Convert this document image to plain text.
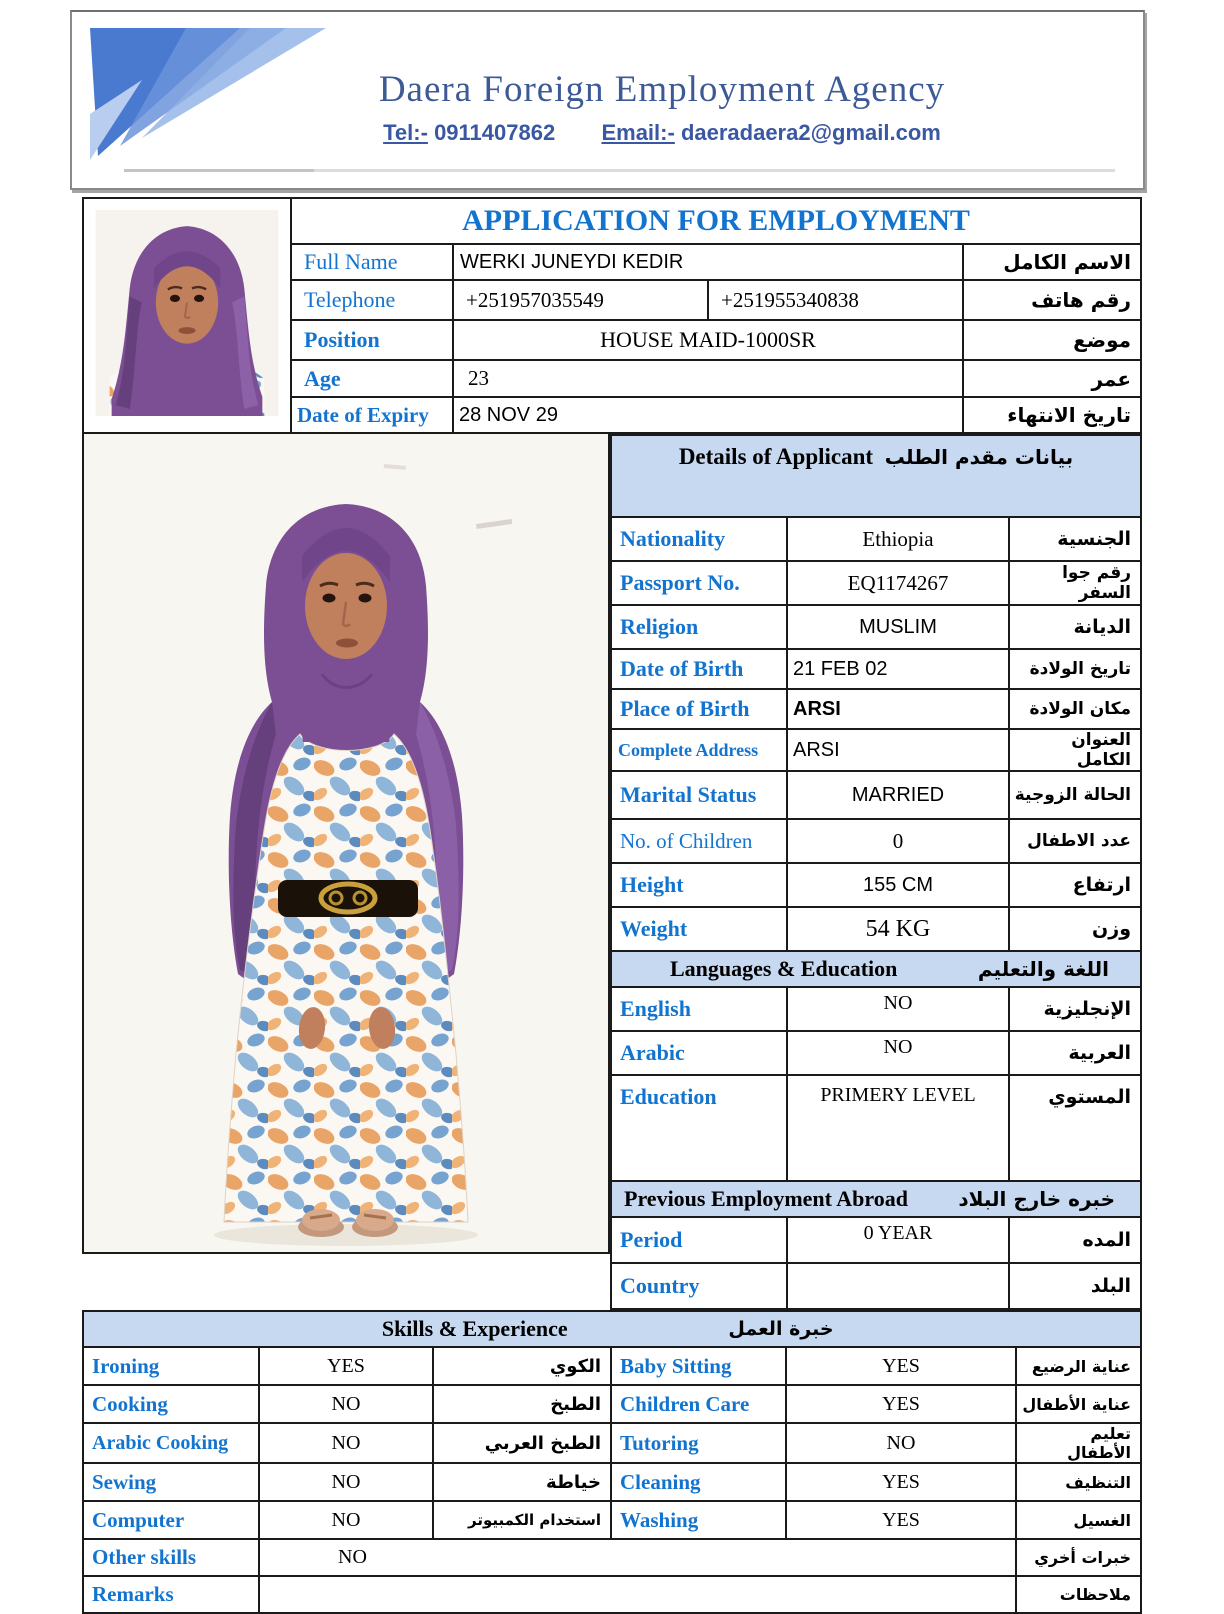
Daera Foreign Employment Agency
Tel:- 0911407862 Email:- daeradaera2@gmail.com
	APPLICATION FOR EMPLOYMENT			
	Full Name	WERKI JUNEYDI KEDIR		الاسم الكامل
	Telephone	+251957035549	+251955340838	رقم هاتف
	Position	HOUSE MAID-1000SR		موضع
	Age	23		عمر
	Date of Expiry	28 NOV 29		تاريخ الانتهاء
Details of Applicant بيانات مقدم الطلب		
Nationality	Ethiopia	الجنسية
Passport No.	EQ1174267	رقم جوا السفر
Religion	MUSLIM	الديانة
Date of Birth	21 FEB 02	تاريخ الولادة
Place of Birth	ARSI	مكان الولادة
Complete Address	ARSI	العنوان الكامل
Marital Status	MARRIED	الحالة الزوجية
No. of Children	0	عدد الاطفال
Height	155 CM	ارتفاع
Weight	54 KG	وزن

Languages & Education اللغة والتعليم		

English	NO	الإنجليزية
Arabic	NO	العربية
Education	PRIMERY LEVEL	المستوي

Previous Employment Abroad خبره خارج البلاد		

Period	0 YEAR	المده
Country		البلد
Skills & Experience خبرة العمل					

Ironing	YES	الكوي	Baby Sitting	YES	عناية الرضيع
Cooking	NO	الطبخ	Children Care	YES	عناية الأطفال
Arabic Cooking	NO	الطبخ العربي	Tutoring	NO	تعليم الأطفال
Sewing	NO	خياطة	Cleaning	YES	التنظيف
Computer	NO	استخدام الكمبيوتر	Washing	YES	الغسيل
Other skills	NO				خبرات أخري
Remarks					ملاحظات
